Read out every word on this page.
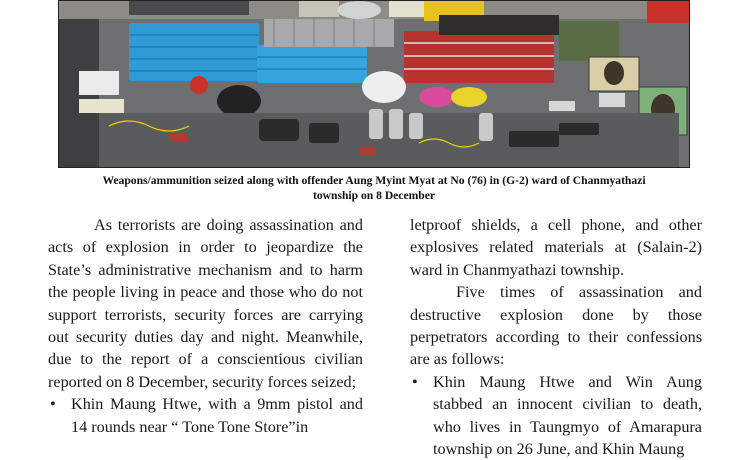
Weapons/ammunition seized along with offender Aung Myint Myat at No (76) in (G-2) ward of Chanmyathazi
township on 8 December

As terrorists are doing assassination and acts of explosion in order to jeopardize the State’s administrative mechanism and to harm the people living in peace and those who do not support terrorists, security forces are carrying out security duties day and night. Meanwhile, due to the report of a conscientious civilian reported on 8 December, security forces seized;

• Khin Maung Htwe, with a 9mm pistol and 14 rounds near “ Tone Tone Store”in

letproof shields, a cell phone, and other explosives related materials at (Salain-2) ward in Chanmyathazi township.

Five times of assassination and destructive explosion done by those perpetrators according to their confessions are as follows:

• Khin Maung Htwe and Win Aung stabbed an innocent civilian to death, who lives in Taungmyo of Amarapura township on 26 June, and Khin Maung
